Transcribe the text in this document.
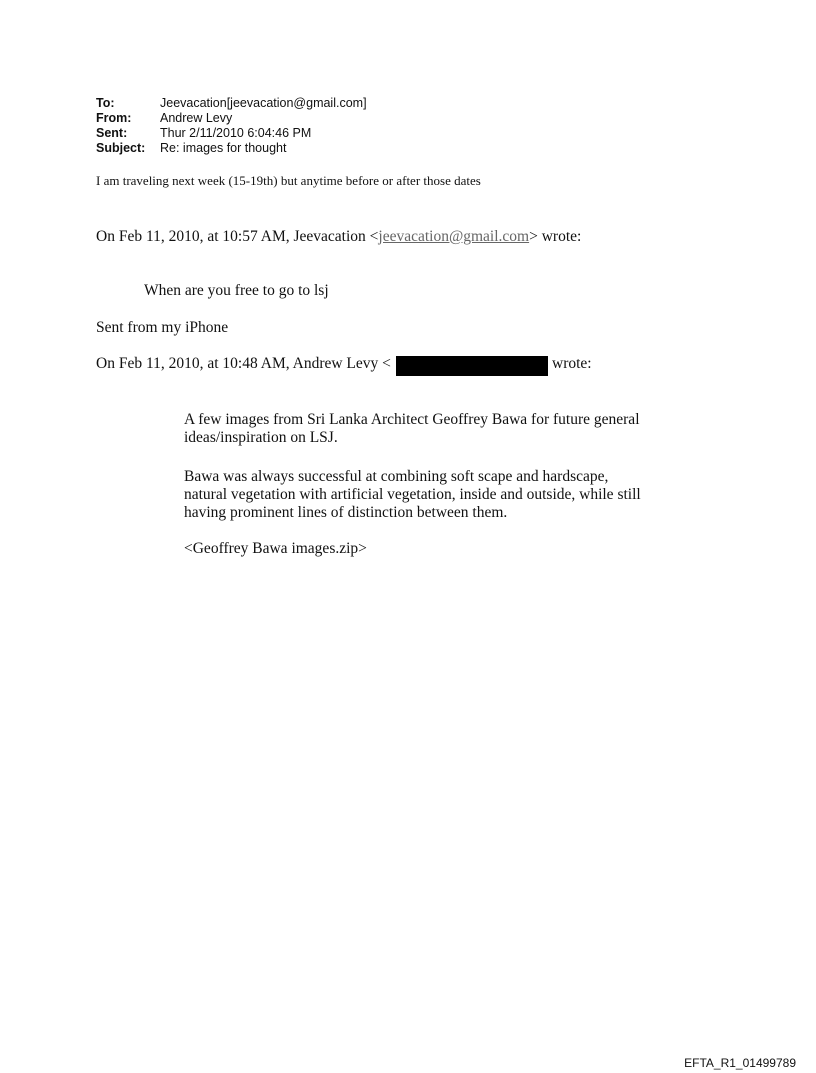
To:	Jeevacation[jeevacation@gmail.com]
From:	Andrew Levy
Sent:	Thur 2/11/2010 6:04:46 PM
Subject:	Re: images for thought
I am traveling next week (15-19th) but anytime before or after those dates
On Feb 11, 2010, at 10:57 AM, Jeevacation <jeevacation@gmail.com> wrote:
When are you free to go to lsj
Sent from my iPhone
On Feb 11, 2010, at 10:48 AM, Andrew Levy <	wrote:
A few images from Sri Lanka Architect Geoffrey Bawa for future general ideas/inspiration on LSJ.
Bawa was always successful at combining soft scape and hardscape, natural vegetation with artificial vegetation, inside and outside, while still having prominent lines of distinction between them.
<Geoffrey Bawa images.zip>
EFTA_R1_01499789
